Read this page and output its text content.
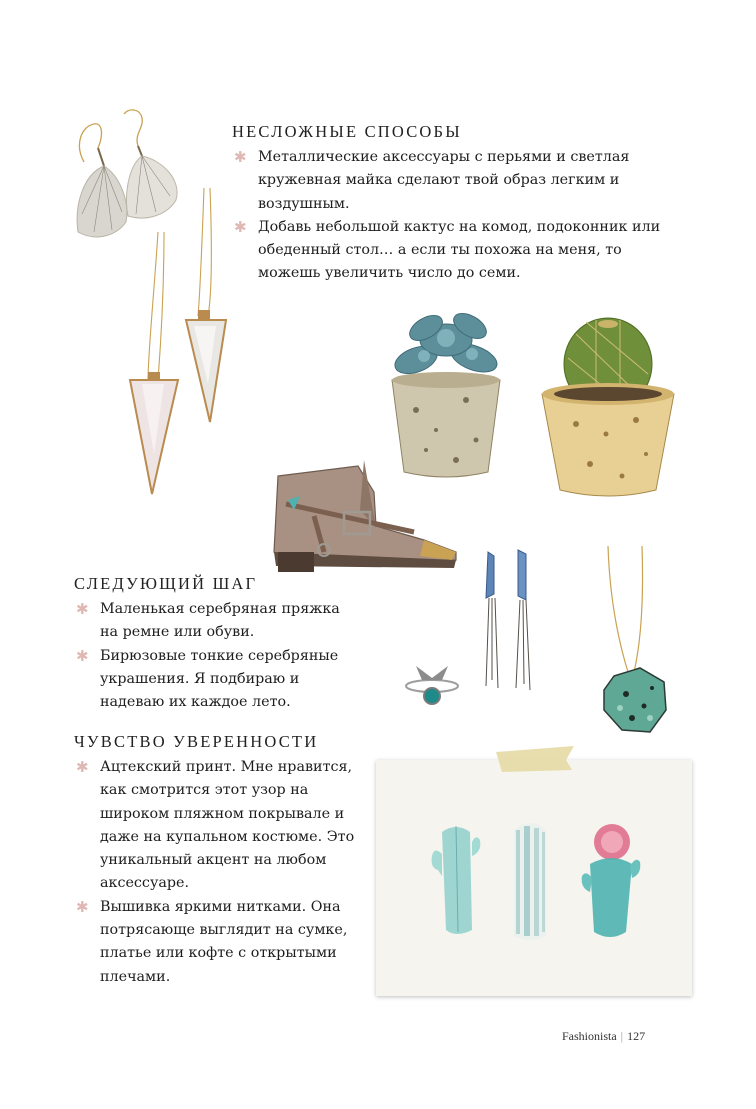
НЕСЛОЖНЫЕ СПОСОБЫ
✱ Металлические аксессуары с перьями и светлая кружевная майка сделают твой образ легким и воздушным.
✱ Добавь небольшой кактус на комод, подоконник или обеденный стол… а если ты похожа на меня, то можешь увеличить число до семи.
СЛЕДУЮЩИЙ ШАГ
✱ Маленькая серебряная пряжка на ремне или обуви.
✱ Бирюзовые тонкие серебряные украшения. Я подбираю и надеваю их каждое лето.
ЧУВСТВО УВЕРЕННОСТИ
✱ Ацтекский принт. Мне нравится, как смотрится этот узор на широком пляжном покрывале и даже на купальном костюме. Это уникальный акцент на любом аксессуаре.
✱ Вышивка яркими нитками. Она потрясающе выглядит на сумке, платье или кофте с открытыми плечами.
Fashionista | 127
